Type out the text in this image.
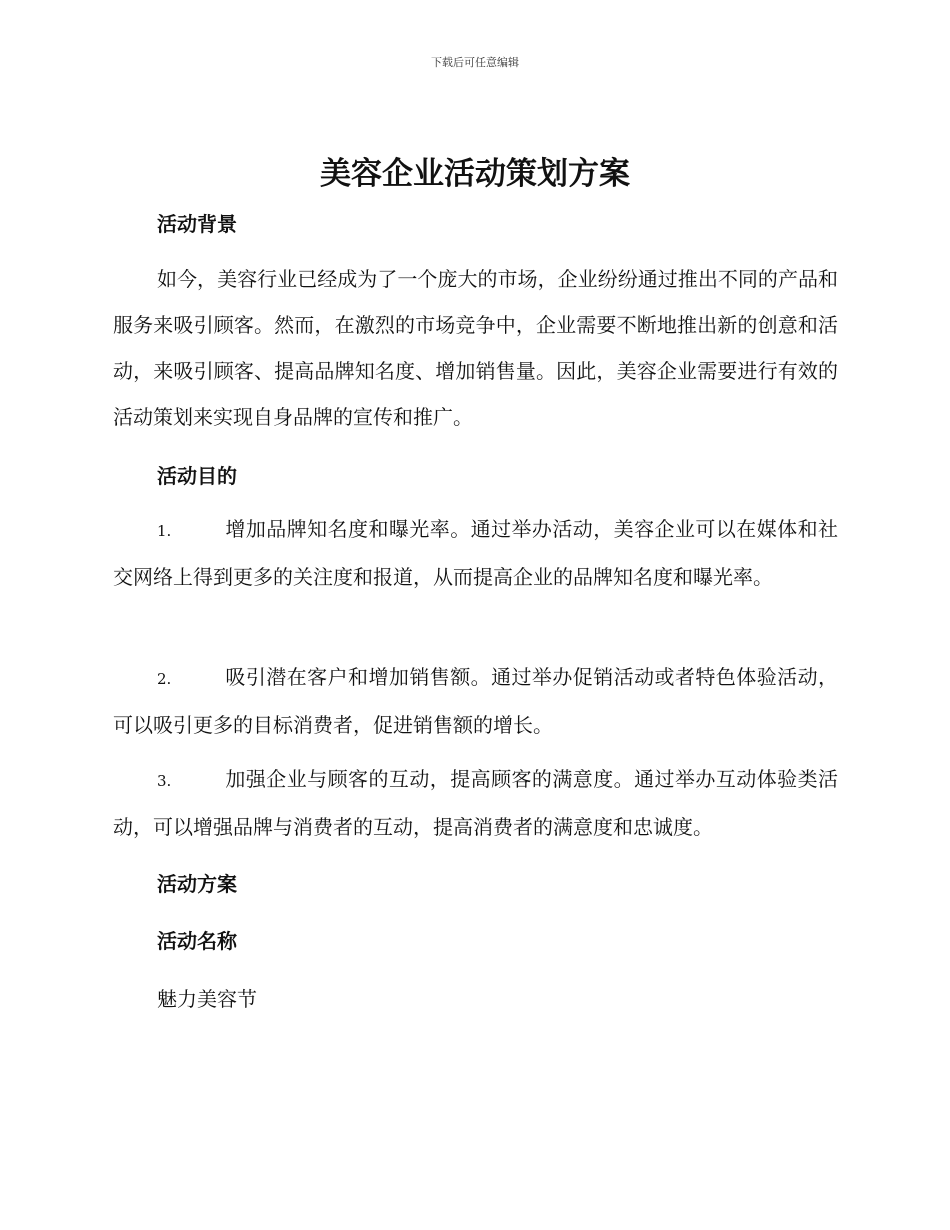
下载后可任意编辑
美容企业活动策划方案
活动背景

如今，美容行业已经成为了一个庞大的市场，企业纷纷通过推出不同的产品和服务来吸引顾客。然而，在激烈的市场竞争中，企业需要不断地推出新的创意和活动，来吸引顾客、提高品牌知名度、增加销售量。因此，美容企业需要进行有效的活动策划来实现自身品牌的宣传和推广。

活动目的

1.	增加品牌知名度和曝光率。通过举办活动，美容企业可以在媒体和社交网络上得到更多的关注度和报道，从而提高企业的品牌知名度和曝光率。

2.	吸引潜在客户和增加销售额。通过举办促销活动或者特色体验活动，可以吸引更多的目标消费者，促进销售额的增长。

3.	加强企业与顾客的互动，提高顾客的满意度。通过举办互动体验类活动，可以增强品牌与消费者的互动，提高消费者的满意度和忠诚度。

活动方案
活动名称

魅力美容节
